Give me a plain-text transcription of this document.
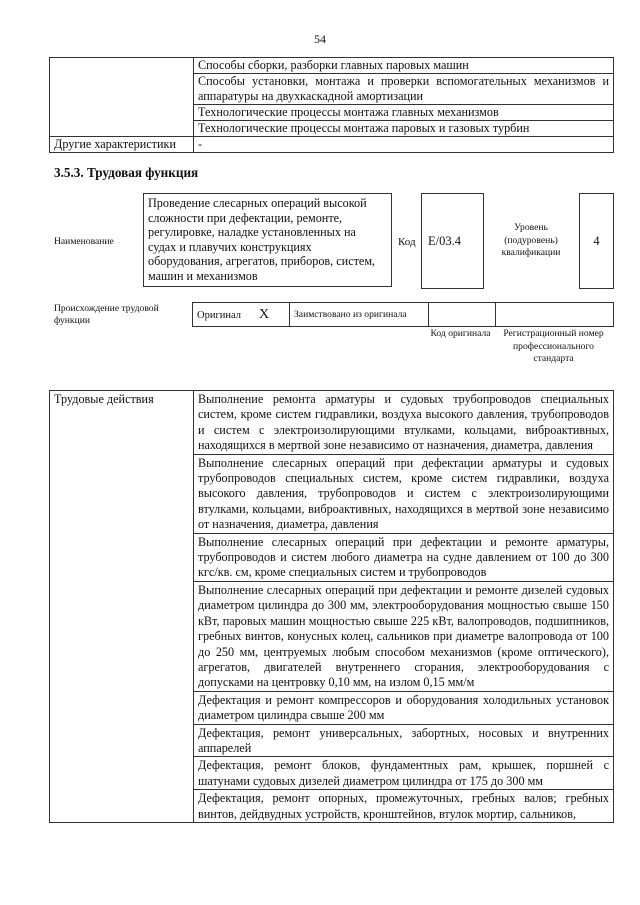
54
	Способы сборки, разборки главных паровых машин
	Способы установки, монтажа и проверки вспомогательных механизмов и аппаратуры на двухкаскадной амортизации
	Технологические процессы монтажа главных механизмов
	Технологические процессы монтажа паровых и газовых турбин
Другие характеристики	-
3.5.3. Трудовая функция
Наименование
Проведение слесарных операций высокой сложности при дефектации, ремонте, регулировке, наладке установленных на судах и плавучих конструкциях оборудования, агрегатов, приборов, систем, машин и механизмов
Код E/03.4
Уровень (подуровень) квалификации
4
Происхождение трудовой функции	Оригинал X	Заимствовано из оригинала		
Код оригинала	Регистрационный номер профессионального стандарта
Трудовые действия	Выполнение ремонта арматуры и судовых трубопроводов специальных систем, кроме систем гидравлики, воздуха высокого давления, трубопроводов и систем с электроизолирующими втулками, кольцами, виброактивных, находящихся в мертвой зоне независимо от назначения, диаметра, давления
Выполнение слесарных операций при дефектации арматуры и судовых трубопроводов специальных систем, кроме систем гидравлики, воздуха высокого давления, трубопроводов и систем с электроизолирующими втулками, кольцами, виброактивных, находящихся в мертвой зоне независимо от назначения, диаметра, давления
Выполнение слесарных операций при дефектации и ремонте арматуры, трубопроводов и систем любого диаметра на судне давлением от 100 до 300 кгс/кв. см, кроме специальных систем и трубопроводов
Выполнение слесарных операций при дефектации и ремонте дизелей судовых диаметром цилиндра до 300 мм, электрооборудования мощностью свыше 150 кВт, паровых машин мощностью свыше 225 кВт, валопроводов, подшипников, гребных винтов, конусных колец, сальников при диаметре валопровода от 100 до 250 мм, центруемых любым способом механизмов (кроме оптического), агрегатов, двигателей внутреннего сгорания, электрооборудования с допусками на центровку 0,10 мм, на излом 0,15 мм/м
Дефектация и ремонт компрессоров и оборудования холодильных установок диаметром цилиндра свыше 200 мм
Дефектация, ремонт универсальных, забортных, носовых и внутренних аппарелей
Дефектация, ремонт блоков, фундаментных рам, крышек, поршней с шатунами судовых дизелей диаметром цилиндра от 175 до 300 мм
Дефектация, ремонт опорных, промежуточных, гребных валов; гребных винтов, дейдвудных устройств, кронштейнов, втулок мортир, сальников,
